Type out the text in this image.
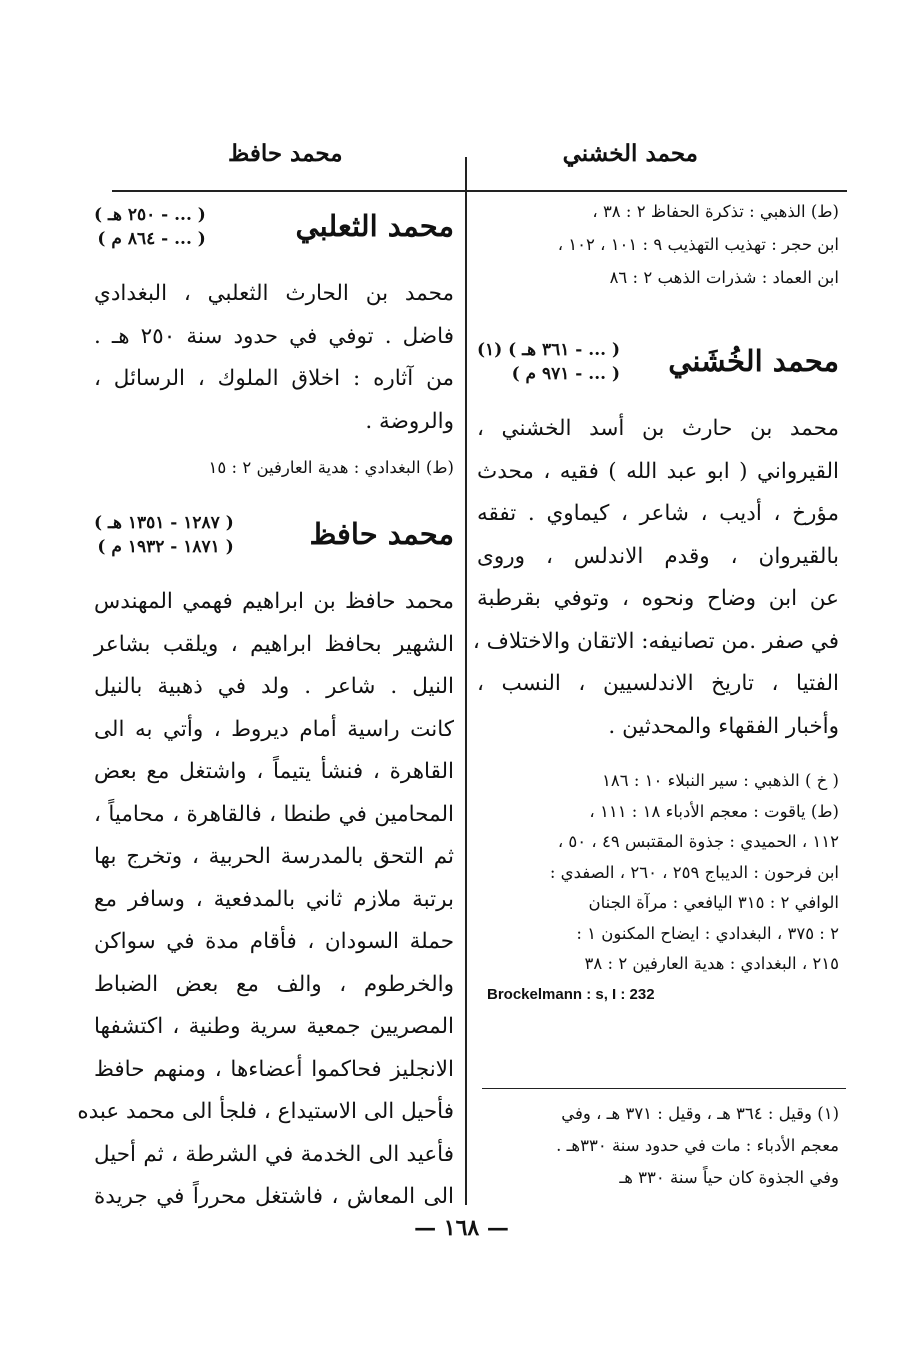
محمد الخشني
محمد حافظ
(ط) الذهبي : تذكرة الحفاظ ٢ : ٣٨ ،
ابن حجر : تهذيب التهذيب ٩ : ١٠١ ، ١٠٢ ،
ابن العماد : شذرات الذهب ٢ : ٨٦
محمد الخُشَني
( ... - ٣٦١ هـ ) (١)
( ... - ٩٧١ م )
محمد بن حارث بن أسد الخشني ،
القيرواني ( ابو عبد الله ) فقيه ، محدث
مؤرخ ، أديب ، شاعر ، كيماوي . تفقه
بالقيروان ، وقدم الاندلس ، وروى
عن ابن وضاح ونحوه ، وتوفي بقرطبة
في صفر .من تصانيفه: الاتقان والاختلاف ،
الفتيا ، تاريخ الاندلسيين ، النسب ،
وأخبار الفقهاء والمحدثين .
( خ ) الذهبي : سير النبلاء ١٠ : ١٨٦
(ط) ياقوت : معجم الأدباء ١٨ : ١١١ ،
١١٢ ، الحميدي : جذوة المقتبس ٤٩ ، ٥٠ ،
ابن فرحون : الديباج ٢٥٩ ، ٢٦٠ ، الصفدي :
الوافي ٢ : ٣١٥ اليافعي : مرآة الجنان
٢ : ٣٧٥ ، البغدادي : ايضاح المكنون ١ :
٢١٥ ، البغدادي : هدية العارفين ٢ : ٣٨
Brockelmann : s, I : 232
(١) وقيل : ٣٦٤ هـ ، وقيل : ٣٧١ هـ ، وفي
معجم الأدباء : مات في حدود سنة ٣٣٠هـ .
وفي الجذوة كان حياً سنة ٣٣٠ هـ
محمد الثعلبي
( ... - ٢٥٠ هـ )
( ... - ٨٦٤ م )
محمد بن الحارث الثعلبي ، البغدادي
فاضل . توفي في حدود سنة ٢٥٠ هـ .
من آثاره : اخلاق الملوك ، الرسائل ،
والروضة .
(ط) البغدادي : هدية العارفين ٢ : ١٥
محمد حافظ
( ١٢٨٧ - ١٣٥١ هـ )
( ١٨٧١ - ١٩٣٢ م )
محمد حافظ بن ابراهيم فهمي المهندس
الشهير بحافظ ابراهيم ، ويلقب بشاعر
النيل . شاعر . ولد في ذهبية بالنيل
كانت راسية أمام ديروط ، وأتي به الى
القاهرة ، فنشأ يتيماً ، واشتغل مع بعض
المحامين في طنطا ، فالقاهرة ، محامياً ،
ثم التحق بالمدرسة الحربية ، وتخرج بها
برتبة ملازم ثاني بالمدفعية ، وسافر مع
حملة السودان ، فأقام مدة في سواكن
والخرطوم ، والف مع بعض الضباط
المصريين جمعية سرية وطنية ، اكتشفها
الانجليز فحاكموا أعضاءها ، ومنهم حافظ
فأحيل الى الاستيداع ، فلجأ الى محمد عبده
فأعيد الى الخدمة في الشرطة ، ثم أحيل
الى المعاش ، فاشتغل محرراً في جريدة
— ١٦٨ —
